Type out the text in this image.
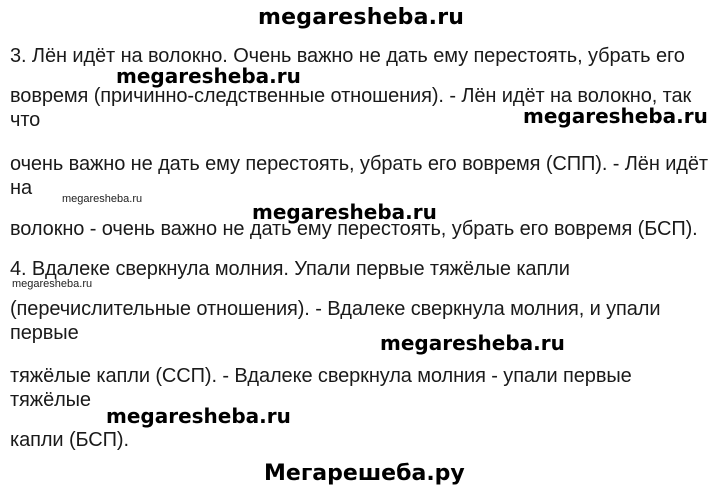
megaresheba.ru
3. Лён идёт на волокно. Очень важно не дать ему перестоять, убрать его
megaresheba.ru
вовремя (причинно-следственные отношения). - Лён идёт на волокно, так
что	megaresheba.ru
очень важно не дать ему перестоять, убрать его вовремя (СПП). - Лён идёт
на	megaresheba.ru
megaresheba.ru
волокно - очень важно не дать ему перестоять, убрать его вовремя (БСП).
4. Вдалеке сверкнула молния. Упали первые тяжёлые капли
megaresheba.ru
(перечислительные отношения). - Вдалеке сверкнула молния, и упали
первые	megaresheba.ru
тяжёлые капли (ССП). - Вдалеке сверкнула молния - упали первые
тяжёлые
megaresheba.ru
капли (БСП).
Мегарешеба.ру
